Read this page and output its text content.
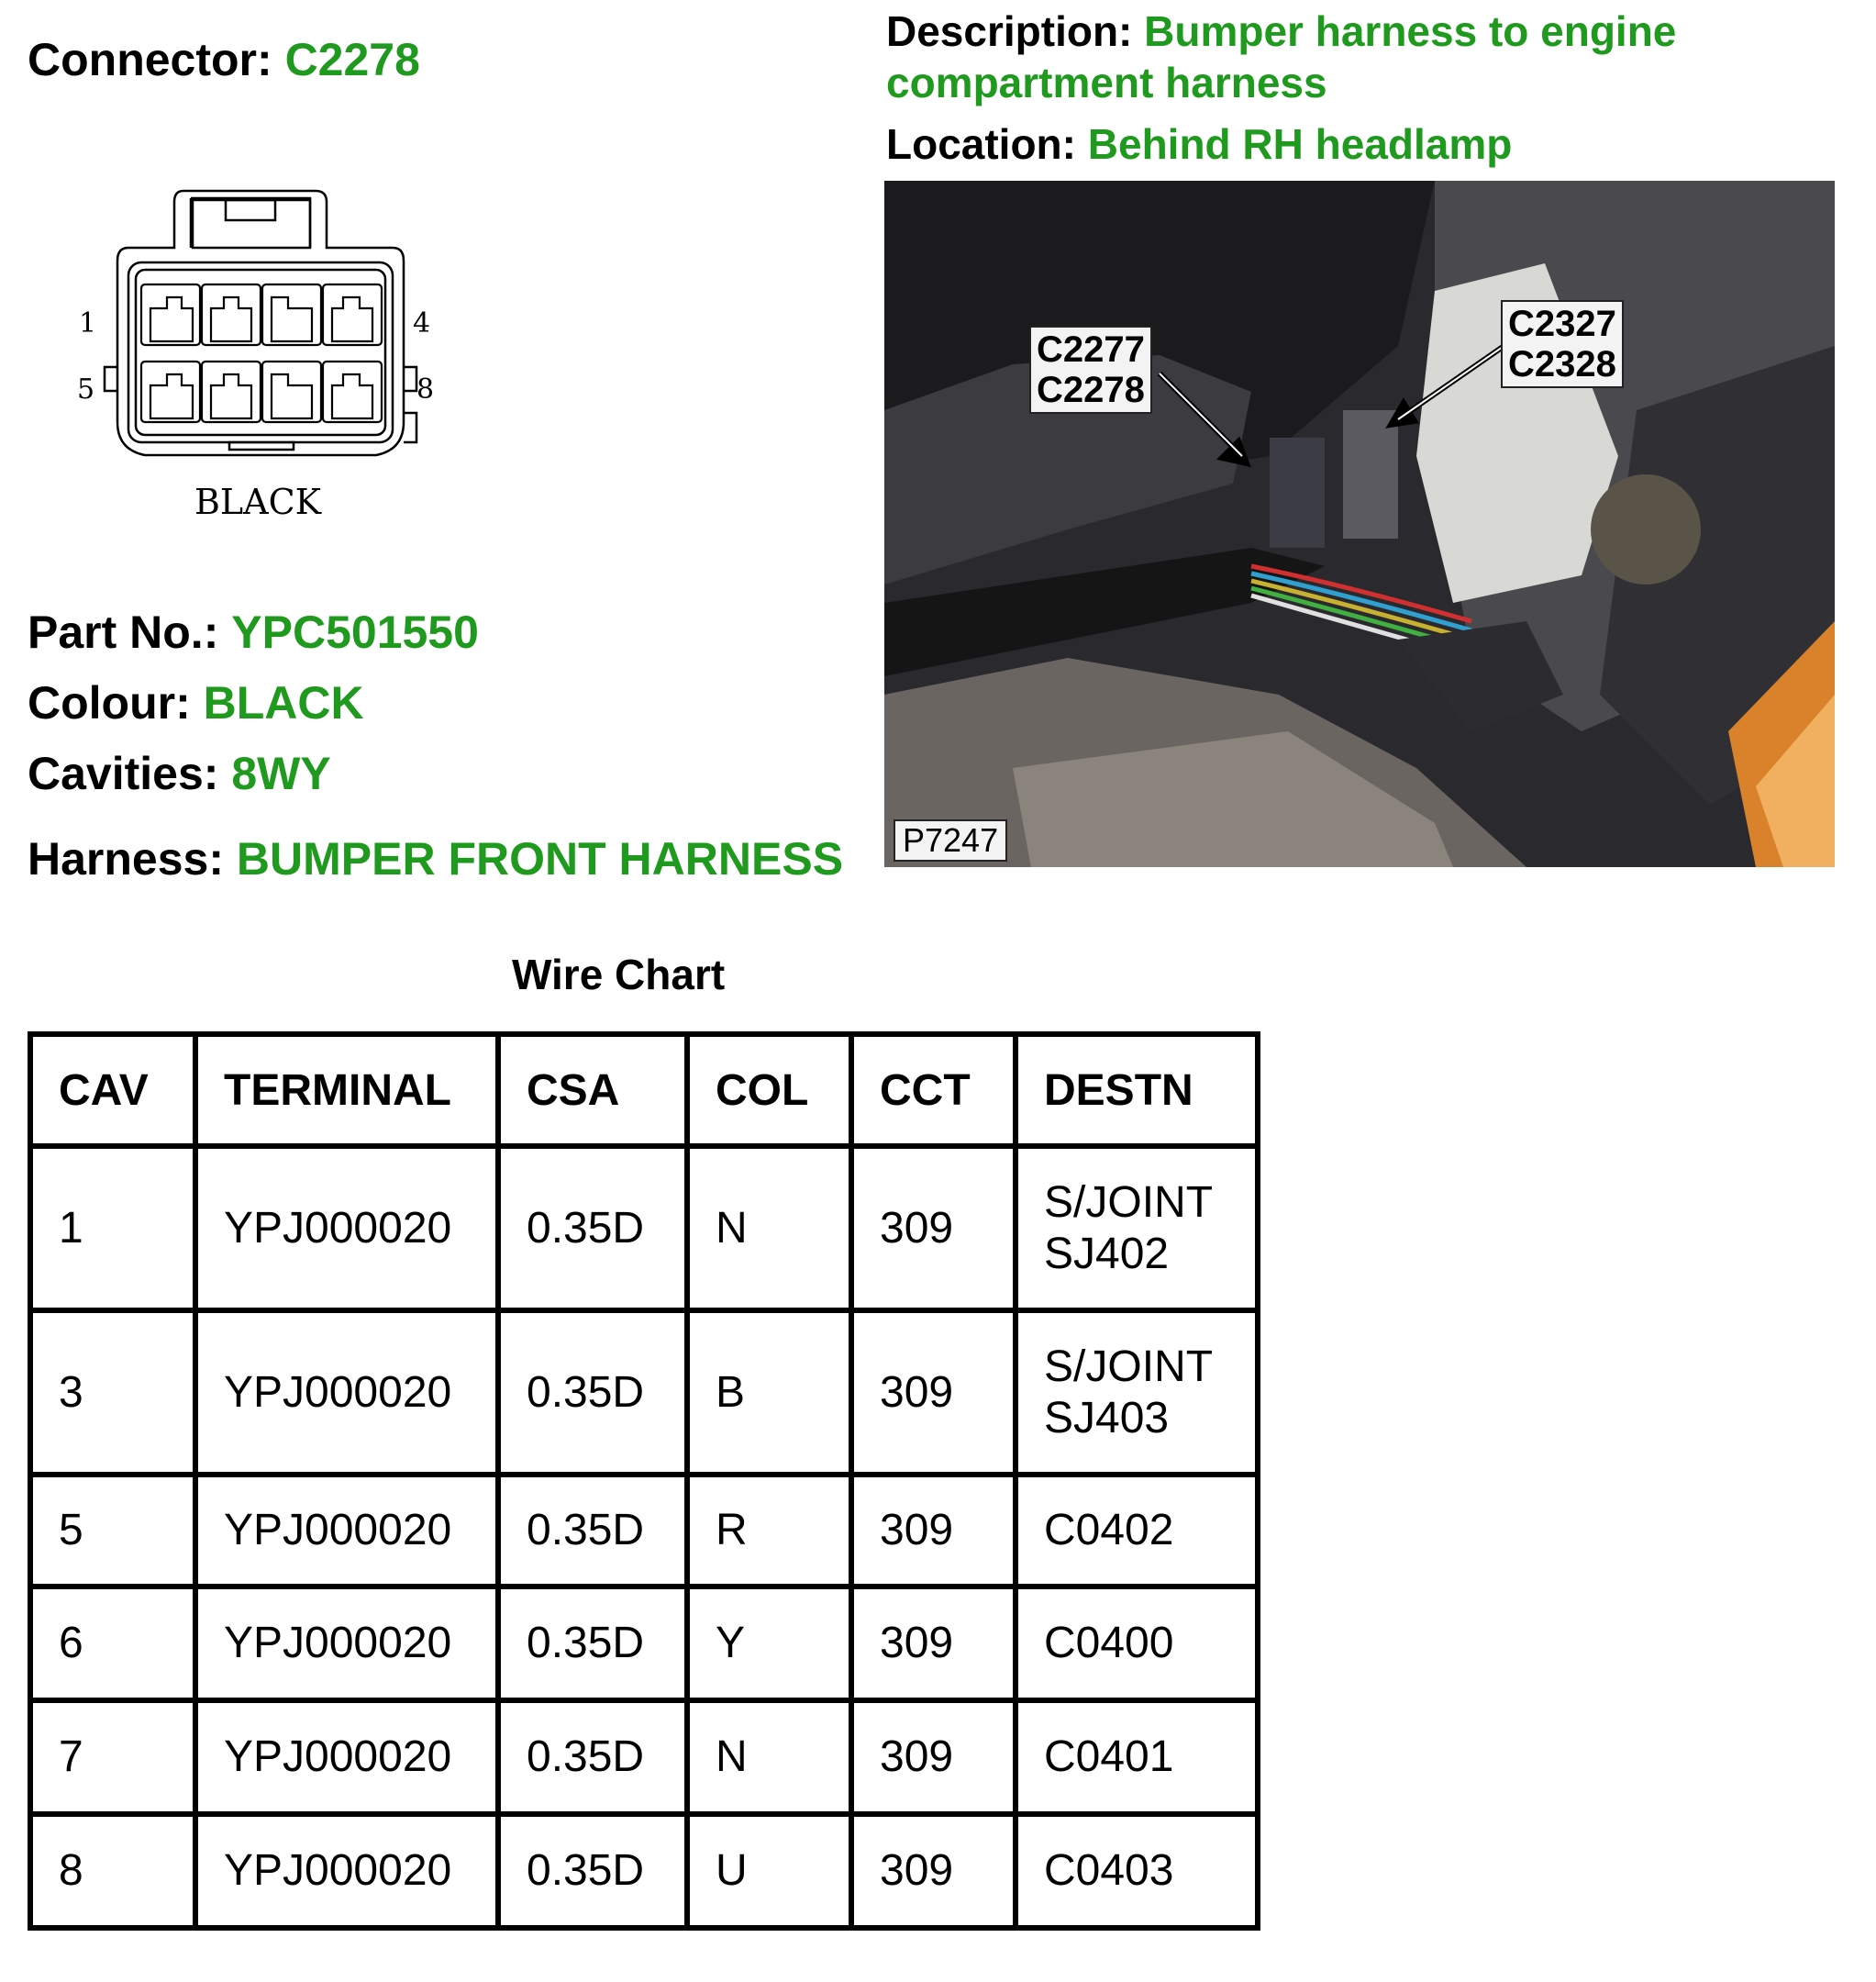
Connector: C2278
Description: Bumper harness to engine
compartment harness
Location: Behind RH headlamp
1	4
5	8
BLACK
Part No.: YPC501550
Colour: BLACK
Cavities: 8WY
Harness: BUMPER FRONT HARNESS
C2277
C2278
C2327
C2328
P7247
Wire Chart
CAV	TERMINAL	CSA	COL	CCT	DESTN
1	YPJ000020	0.35D	N	309	S/JOINT
SJ402
3	YPJ000020	0.35D	B	309	S/JOINT
SJ403
5	YPJ000020	0.35D	R	309	C0402
6	YPJ000020	0.35D	Y	309	C0400
7	YPJ000020	0.35D	N	309	C0401
8	YPJ000020	0.35D	U	309	C0403
